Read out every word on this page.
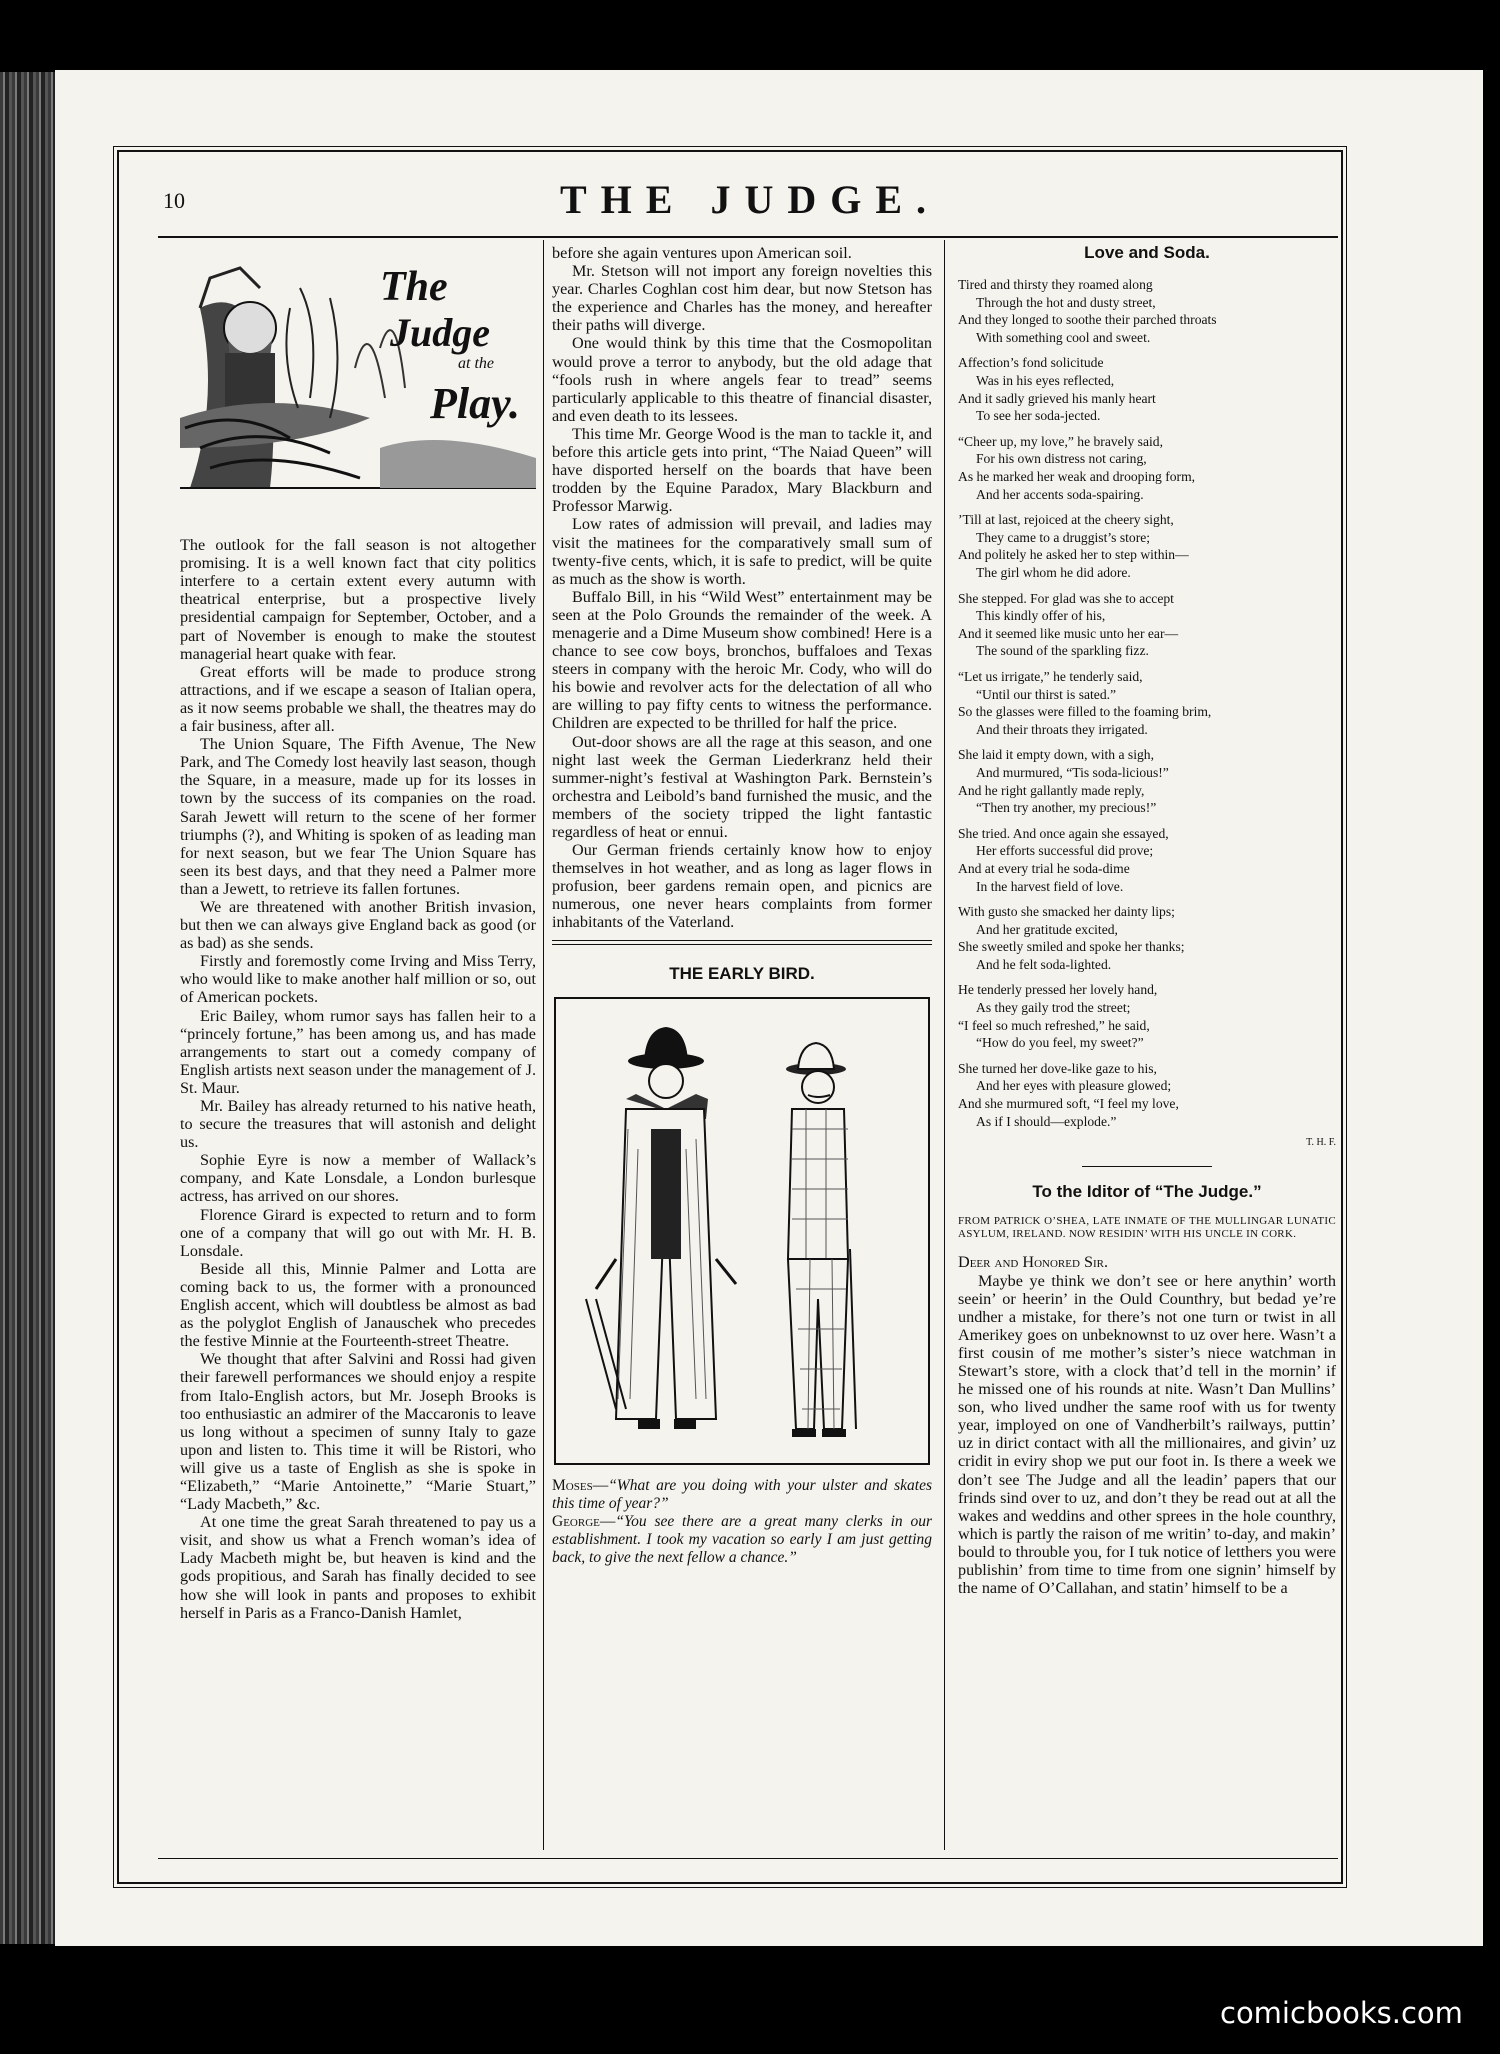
10	THE JUDGE.
The
Judge
at the
Play.

The outlook for the fall season is not altogether promising. It is a well known fact that city politics interfere to a certain extent every autumn with theatrical enterprise, but a prospective lively presidential campaign for September, October, and a part of November is enough to make the stoutest managerial heart quake with fear.

Great efforts will be made to produce strong attractions, and if we escape a season of Italian opera, as it now seems probable we shall, the theatres may do a fair business, after all.

The Union Square, The Fifth Avenue, The New Park, and The Comedy lost heavily last season, though the Square, in a measure, made up for its losses in town by the success of its companies on the road. Sarah Jewett will return to the scene of her former triumphs (?), and Whiting is spoken of as leading man for next season, but we fear The Union Square has seen its best days, and that they need a Palmer more than a Jewett, to retrieve its fallen fortunes.

We are threatened with another British invasion, but then we can always give England back as good (or as bad) as she sends.

Firstly and foremostly come Irving and Miss Terry, who would like to make another half million or so, out of American pockets.

Eric Bailey, whom rumor says has fallen heir to a “princely fortune,” has been among us, and has made arrangements to start out a comedy company of English artists next season under the management of J. St. Maur.

Mr. Bailey has already returned to his native heath, to secure the treasures that will astonish and delight us.

Sophie Eyre is now a member of Wallack’s company, and Kate Lonsdale, a London burlesque actress, has arrived on our shores.

Florence Girard is expected to return and to form one of a company that will go out with Mr. H. B. Lonsdale.

Beside all this, Minnie Palmer and Lotta are coming back to us, the former with a pronounced English accent, which will doubtless be almost as bad as the polyglot English of Janauschek who precedes the festive Minnie at the Fourteenth-street Theatre.

We thought that after Salvini and Rossi had given their farewell performances we should enjoy a respite from Italo-English actors, but Mr. Joseph Brooks is too enthusiastic an admirer of the Maccaronis to leave us long without a specimen of sunny Italy to gaze upon and listen to. This time it will be Ristori, who will give us a taste of English as she is spoke in “Elizabeth,” “Marie Antoinette,” “Marie Stuart,” “Lady Macbeth,” &c.

At one time the great Sarah threatened to pay us a visit, and show us what a French woman’s idea of Lady Macbeth might be, but heaven is kind and the gods propitious, and Sarah has finally decided to see how she will look in pants and proposes to exhibit herself in Paris as a Franco-Danish Hamlet,

before she again ventures upon American soil.

Mr. Stetson will not import any foreign novelties this year. Charles Coghlan cost him dear, but now Stetson has the experience and Charles has the money, and hereafter their paths will diverge.

One would think by this time that the Cosmopolitan would prove a terror to anybody, but the old adage that “fools rush in where angels fear to tread” seems particularly applicable to this theatre of financial disaster, and even death to its lessees.

This time Mr. George Wood is the man to tackle it, and before this article gets into print, “The Naiad Queen” will have disported herself on the boards that have been trodden by the Equine Paradox, Mary Blackburn and Professor Marwig.

Low rates of admission will prevail, and ladies may visit the matinees for the comparatively small sum of twenty-five cents, which, it is safe to predict, will be quite as much as the show is worth.

Buffalo Bill, in his “Wild West” entertainment may be seen at the Polo Grounds the remainder of the week. A menagerie and a Dime Museum show combined! Here is a chance to see cow boys, bronchos, buffaloes and Texas steers in company with the heroic Mr. Cody, who will do his bowie and revolver acts for the delectation of all who are willing to pay fifty cents to witness the performance. Children are expected to be thrilled for half the price.

Out-door shows are all the rage at this season, and one night last week the German Liederkranz held their summer-night’s festival at Washington Park. Bernstein’s orchestra and Leibold’s band furnished the music, and the members of the society tripped the light fantastic regardless of heat or ennui.

Our German friends certainly know how to enjoy themselves in hot weather, and as long as lager flows in profusion, beer gardens remain open, and picnics are numerous, one never hears complaints from former inhabitants of the Vaterland.

THE EARLY BIRD.
Moses—“What are you doing with your ulster and skates this time of year?”
George—“You see there are a great many clerks in our establishment. I took my vacation so early I am just getting back, to give the next fellow a chance.”
Love and Soda.
Tired and thirsty they roamed along
Through the hot and dusty street,
And they longed to soothe their parched throats
With something cool and sweet.
Affection’s fond solicitude
Was in his eyes reflected,
And it sadly grieved his manly heart
To see her soda-jected.
“Cheer up, my love,” he bravely said,
For his own distress not caring,
As he marked her weak and drooping form,
And her accents soda-spairing.
’Till at last, rejoiced at the cheery sight,
They came to a druggist’s store;
And politely he asked her to step within—
The girl whom he did adore.
She stepped. For glad was she to accept
This kindly offer of his,
And it seemed like music unto her ear—
The sound of the sparkling fizz.
“Let us irrigate,” he tenderly said,
“Until our thirst is sated.”
So the glasses were filled to the foaming brim,
And their throats they irrigated.
She laid it empty down, with a sigh,
And murmured, “Tis soda-licious!”
And he right gallantly made reply,
“Then try another, my precious!”
She tried. And once again she essayed,
Her efforts successful did prove;
And at every trial he soda-dime
In the harvest field of love.
With gusto she smacked her dainty lips;
And her gratitude excited,
She sweetly smiled and spoke her thanks;
And he felt soda-lighted.
He tenderly pressed her lovely hand,
As they gaily trod the street;
“I feel so much refreshed,” he said,
“How do you feel, my sweet?”
She turned her dove-like gaze to his,
And her eyes with pleasure glowed;
And she murmured soft, “I feel my love,
As if I should—explode.”
T. H. F.
To the Iditor of “The Judge.”
FROM PATRICK O’SHEA, LATE INMATE OF THE MULLINGAR LUNATIC ASYLUM, IRELAND. NOW RESIDIN’ WITH HIS UNCLE IN CORK.

Deer and Honored Sir.

Maybe ye think we don’t see or here anythin’ worth seein’ or heerin’ in the Ould Counthry, but bedad ye’re undher a mistake, for there’s not one turn or twist in all Amerikey goes on unbeknownst to uz over here. Wasn’t a first cousin of me mother’s sister’s niece watchman in Stewart’s store, with a clock that’d tell in the mornin’ if he missed one of his rounds at nite. Wasn’t Dan Mullins’ son, who lived undher the same roof with us for twenty year, imployed on one of Vandherbilt’s railways, puttin’ uz in dirict contact with all the millionaires, and givin’ uz cridit in eviry shop we put our foot in. Is there a week we don’t see The Judge and all the leadin’ papers that our frinds sind over to uz, and don’t they be read out at all the wakes and weddins and other sprees in the hole counthry, which is partly the raison of me writin’ to-day, and makin’ bould to throuble you, for I tuk notice of letthers you were publishin’ from time to time from one signin’ himself by the name of O’Callahan, and statin’ himself to be a

comicbooks.com
